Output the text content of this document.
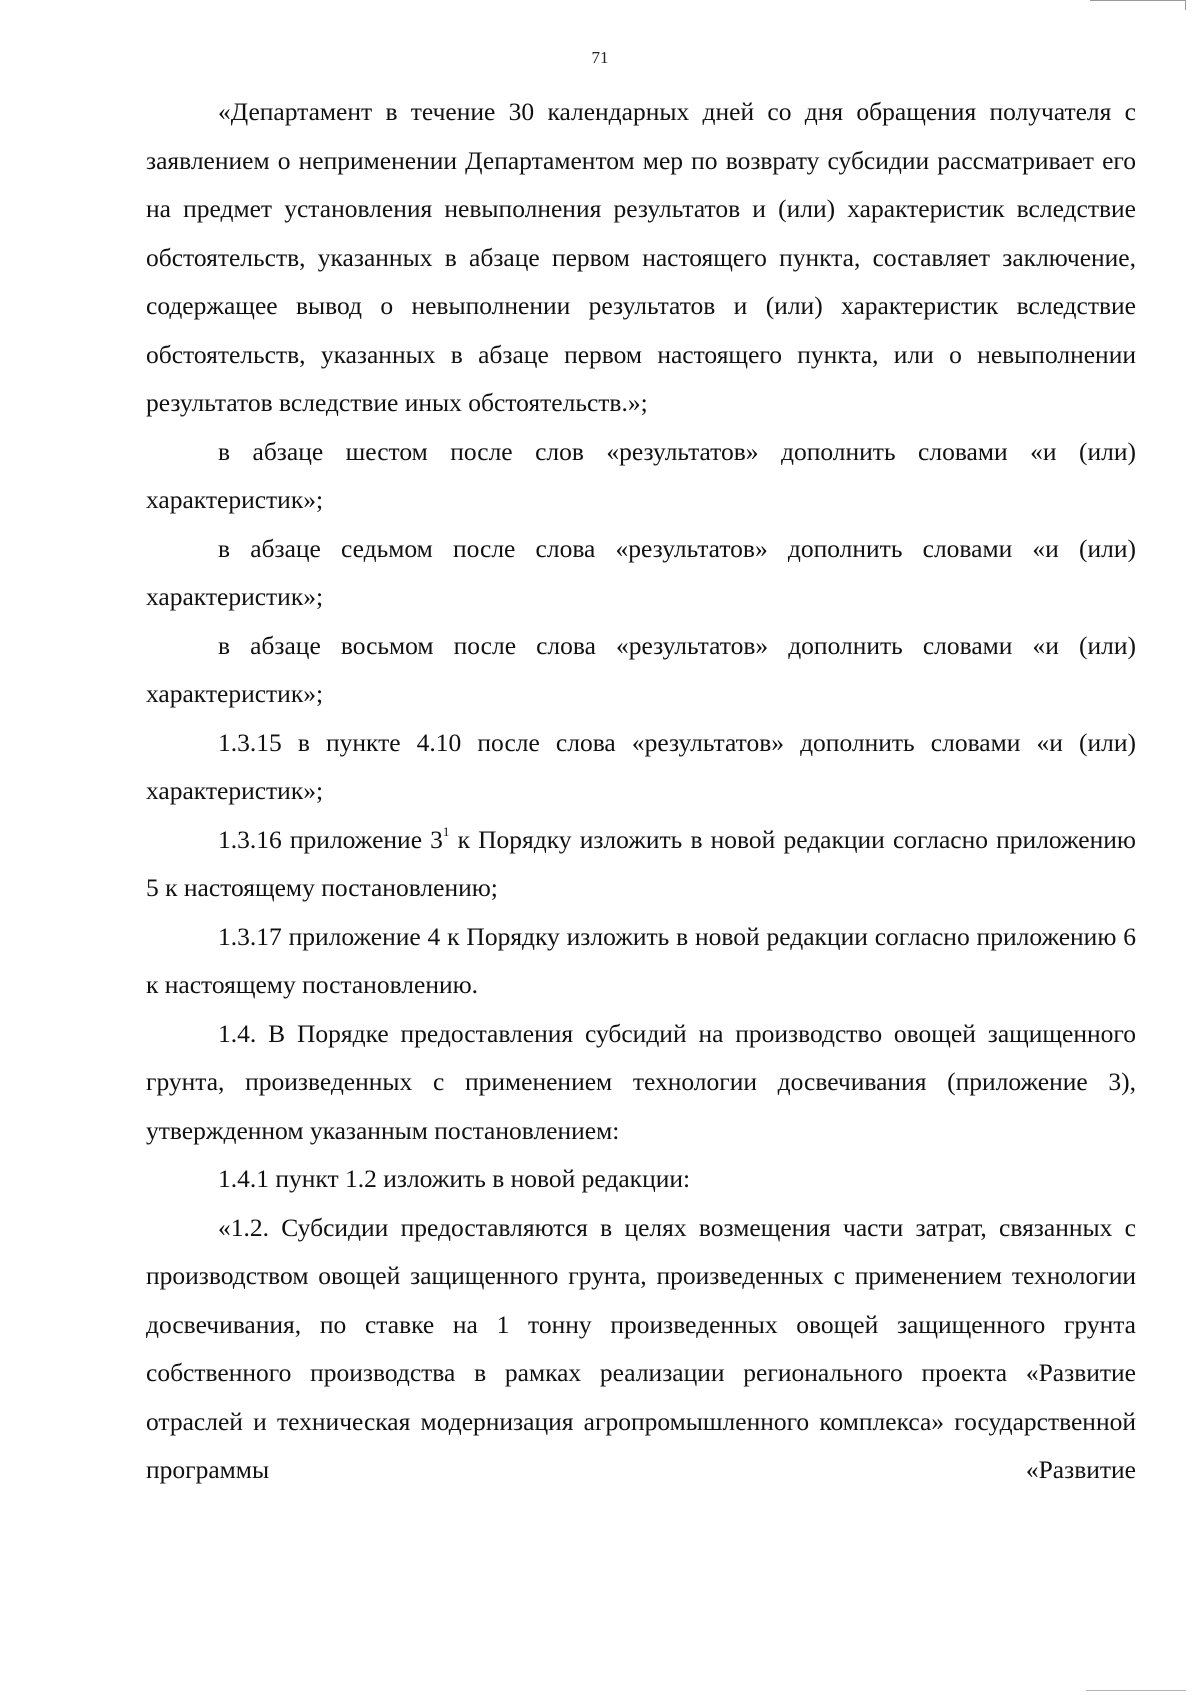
71

«Департамент в течение 30 календарных дней со дня обращения получателя с заявлением о неприменении Департаментом мер по возврату субсидии рассматривает его на предмет установления невыполнения результатов и (или) характеристик вследствие обстоятельств, указанных в абзаце первом настоящего пункта, составляет заключение, содержащее вывод о невыполнении результатов и (или) характеристик вследствие обстоятельств, указанных в абзаце первом настоящего пункта, или о невыполнении результатов вследствие иных обстоятельств.»;

в абзаце шестом после слов «результатов» дополнить словами «и (или) характеристик»;

в абзаце седьмом после слова «результатов» дополнить словами «и (или) характеристик»;

в абзаце восьмом после слова «результатов» дополнить словами «и (или) характеристик»;

1.3.15 в пункте 4.10 после слова «результатов» дополнить словами «и (или) характеристик»;

1.3.16 приложение $3^1$ к Порядку изложить в новой редакции согласно приложению 5 к настоящему постановлению;

1.3.17 приложение 4 к Порядку изложить в новой редакции согласно приложению 6 к настоящему постановлению.

1.4. В Порядке предоставления субсидий на производство овощей защищенного грунта, произведенных с применением технологии досвечивания (приложение 3), утвержденном указанным постановлением:

1.4.1 пункт 1.2 изложить в новой редакции:

«1.2. Субсидии предоставляются в целях возмещения части затрат, связанных с производством овощей защищенного грунта, произведенных с применением технологии досвечивания, по ставке на 1 тонну произведенных овощей защищенного грунта собственного производства в рамках реализации регионального проекта «Развитие отраслей и техническая модернизация агропромышленного комплекса» государственной программы «Развитие
